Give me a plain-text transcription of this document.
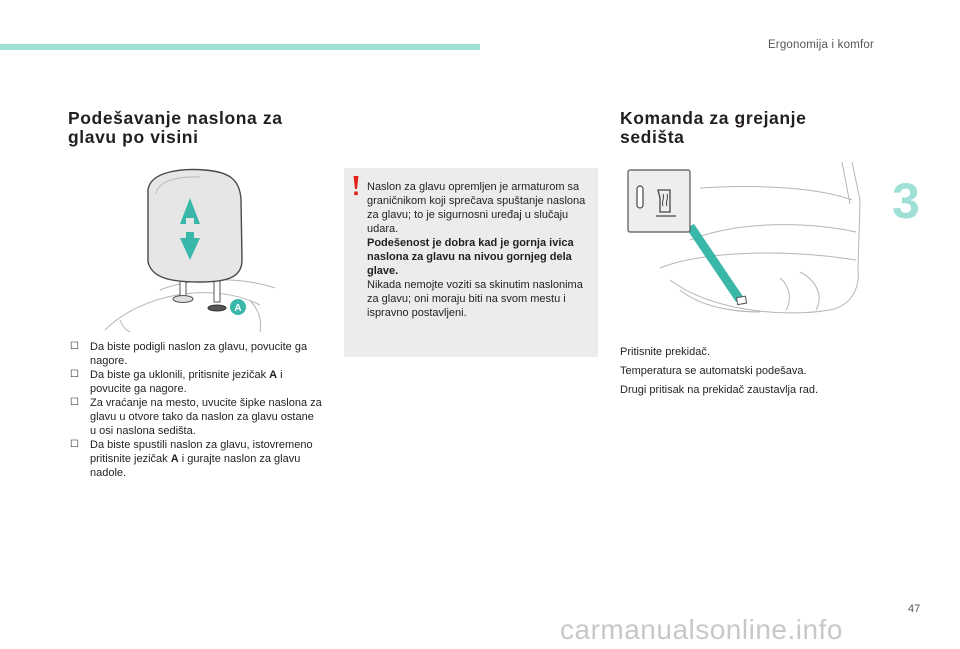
Ergonomija i komfor
3
Podešavanje naslona za
glavu po visini
A
☐ Da biste podigli naslon za glavu, povucite ga nagore.
☐ Da biste ga uklonili, pritisnite jezičak A i povucite ga nagore.
☐ Za vraćanje na mesto, uvucite šipke naslona za glavu u otvore tako da naslon za glavu ostane u osi naslona sedišta.
☐ Da biste spustili naslon za glavu, istovremeno pritisnite jezičak A i gurajte naslon za glavu nadole.
Naslon za glavu opremljen je armaturom sa graničnikom koji sprečava spuštanje naslona za glavu; to je sigurnosni uređaj u slučaju udara.
Podešenost je dobra kad je gornja ivica naslona za glavu na nivou gornjeg dela glave.
Nikada nemojte voziti sa skinutim naslonima za glavu; oni moraju biti na svom mestu i ispravno postavljeni.
Komanda za grejanje
sedišta
Pritisnite prekidač.
Temperatura se automatski podešava.
Drugi pritisak na prekidač zaustavlja rad.
47
carmanualsonline.info
